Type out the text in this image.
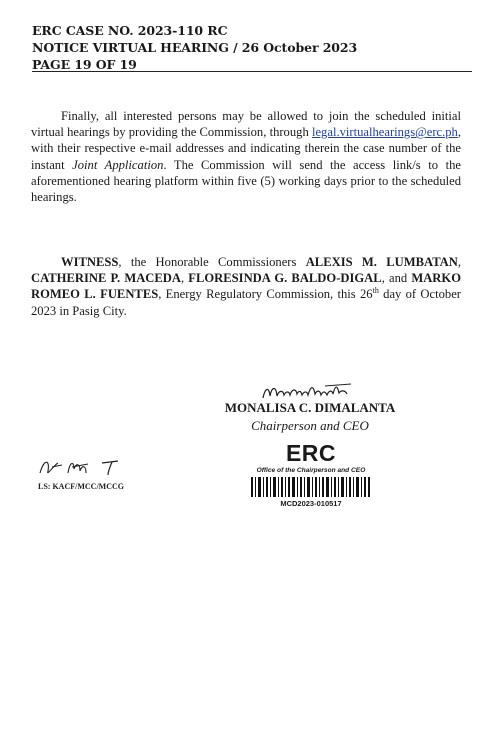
ERC CASE NO. 2023-110 RC
NOTICE VIRTUAL HEARING / 26 October 2023
PAGE 19 OF 19

Finally, all interested persons may be allowed to join the scheduled initial virtual hearings by providing the Commission, through legal.virtualhearings@erc.ph, with their respective e-mail addresses and indicating therein the case number of the instant Joint Application. The Commission will send the access link/s to the aforementioned hearing platform within five (5) working days prior to the scheduled hearings.

WITNESS, the Honorable Commissioners ALEXIS M. LUMBATAN, CATHERINE P. MACEDA, FLORESINDA G. BALDO-DIGAL, and MARKO ROMEO L. FUENTES, Energy Regulatory Commission, this 26th day of October 2023 in Pasig City.

MONALISA C. DIMALANTA
Chairperson and CEO
ERC
Office of the Chairperson and CEO
MCD2023-010517
LS: KACF/MCC/MCCG
